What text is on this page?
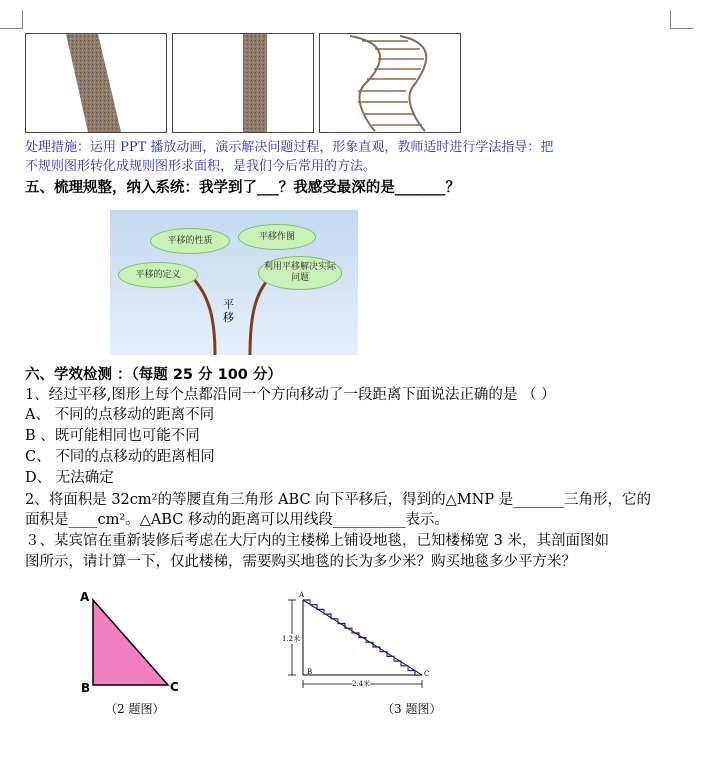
处理措施：运用 PPT 播放动画，演示解决问题过程，形象直观，教师适时进行学法指导：把
不规则图形转化成规则图形求面积，是我们今后常用的方法。
五、梳理规整，纳入系统：我学到了___？我感受最深的是_______？
平
移
平移的性质	平移作图
平移的定义
利用平移解决实际问题
六、学效检测 ：（每题 25 分 100 分）
1、经过平移,图形上每个点都沿同一个方向移动了一段距离下面说法正确的是 （ ）
A、 不同的点移动的距离不同
B 、既可能相同也可能不同
C、 不同的点移动的距离相同
D、 无法确定
2、将面积是 32cm²的等腰直角三角形 ABC 向下平移后，得到的△MNP 是_______三角形，它的
面积是____cm²。△ABC 移动的距离可以用线段__________表示。
３、某宾馆在重新装修后考虑在大厅内的主楼梯上铺设地毯，已知楼梯宽 3 米，其剖面图如
图所示，请计算一下，仅此楼梯，需要购买地毯的长为多少米？购买地毯多少平方米？
A
B	C
（2 题图）
A
B	C
1.2米
2.4米
（3 题图）
